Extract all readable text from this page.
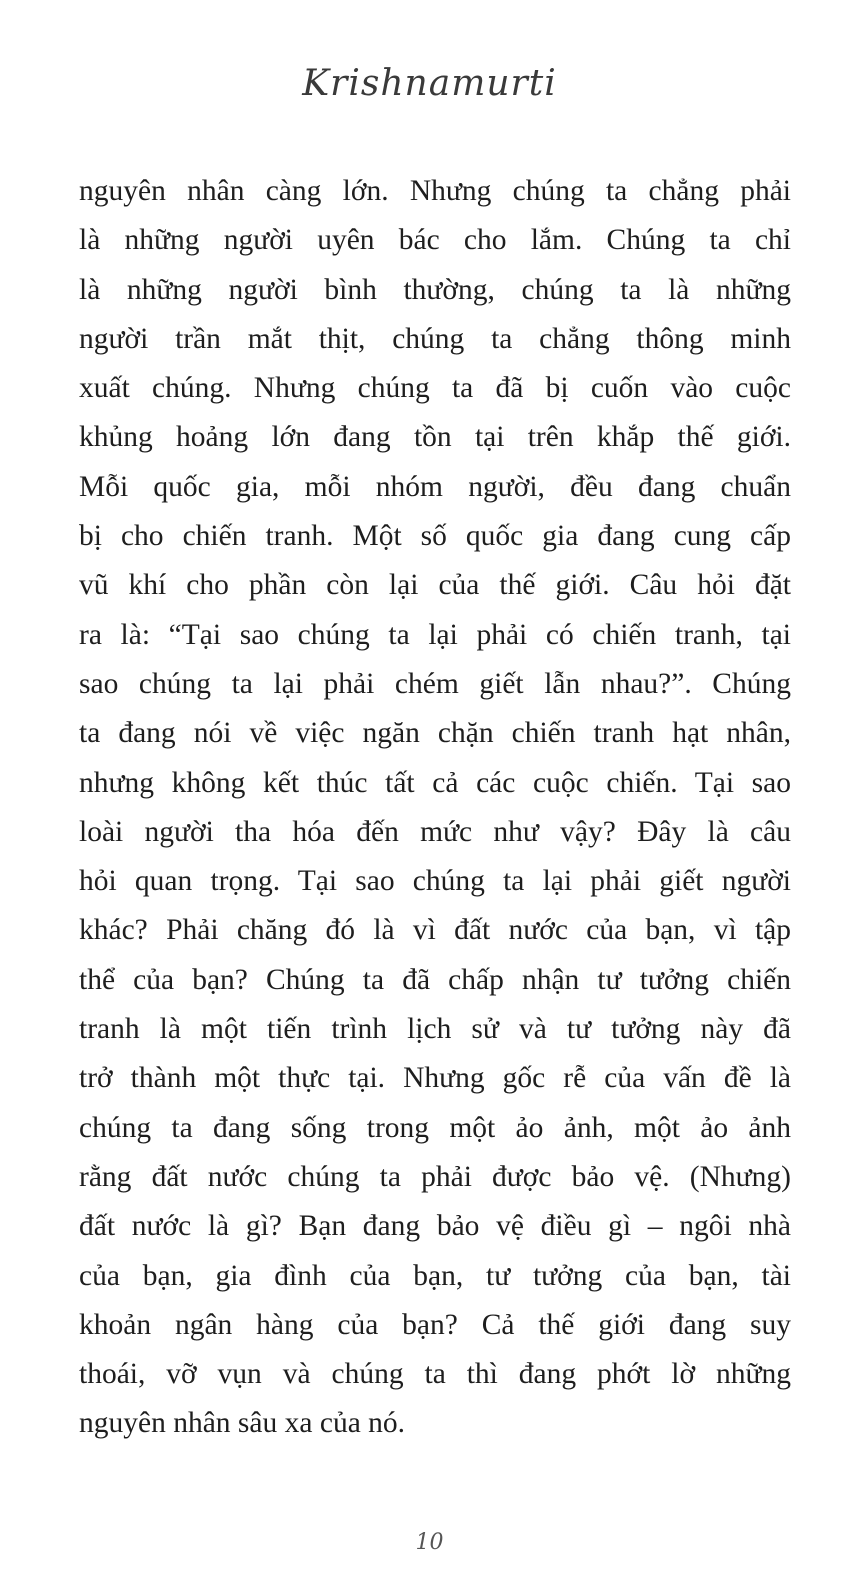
Krishnamurti
nguyên nhân càng lớn. Nhưng chúng ta chẳng phải
là những người uyên bác cho lắm. Chúng ta chỉ
là những người bình thường, chúng ta là những
người trần mắt thịt, chúng ta chẳng thông minh
xuất chúng. Nhưng chúng ta đã bị cuốn vào cuộc
khủng hoảng lớn đang tồn tại trên khắp thế giới.
Mỗi quốc gia, mỗi nhóm người, đều đang chuẩn
bị cho chiến tranh. Một số quốc gia đang cung cấp
vũ khí cho phần còn lại của thế giới. Câu hỏi đặt
ra là: “Tại sao chúng ta lại phải có chiến tranh, tại
sao chúng ta lại phải chém giết lẫn nhau?”. Chúng
ta đang nói về việc ngăn chặn chiến tranh hạt nhân,
nhưng không kết thúc tất cả các cuộc chiến. Tại sao
loài người tha hóa đến mức như vậy? Đây là câu
hỏi quan trọng. Tại sao chúng ta lại phải giết người
khác? Phải chăng đó là vì đất nước của bạn, vì tập
thể của bạn? Chúng ta đã chấp nhận tư tưởng chiến
tranh là một tiến trình lịch sử và tư tưởng này đã
trở thành một thực tại. Nhưng gốc rễ của vấn đề là
chúng ta đang sống trong một ảo ảnh, một ảo ảnh
rằng đất nước chúng ta phải được bảo vệ. (Nhưng)
đất nước là gì? Bạn đang bảo vệ điều gì – ngôi nhà
của bạn, gia đình của bạn, tư tưởng của bạn, tài
khoản ngân hàng của bạn? Cả thế giới đang suy
thoái, vỡ vụn và chúng ta thì đang phớt lờ những
nguyên nhân sâu xa của nó.
10
